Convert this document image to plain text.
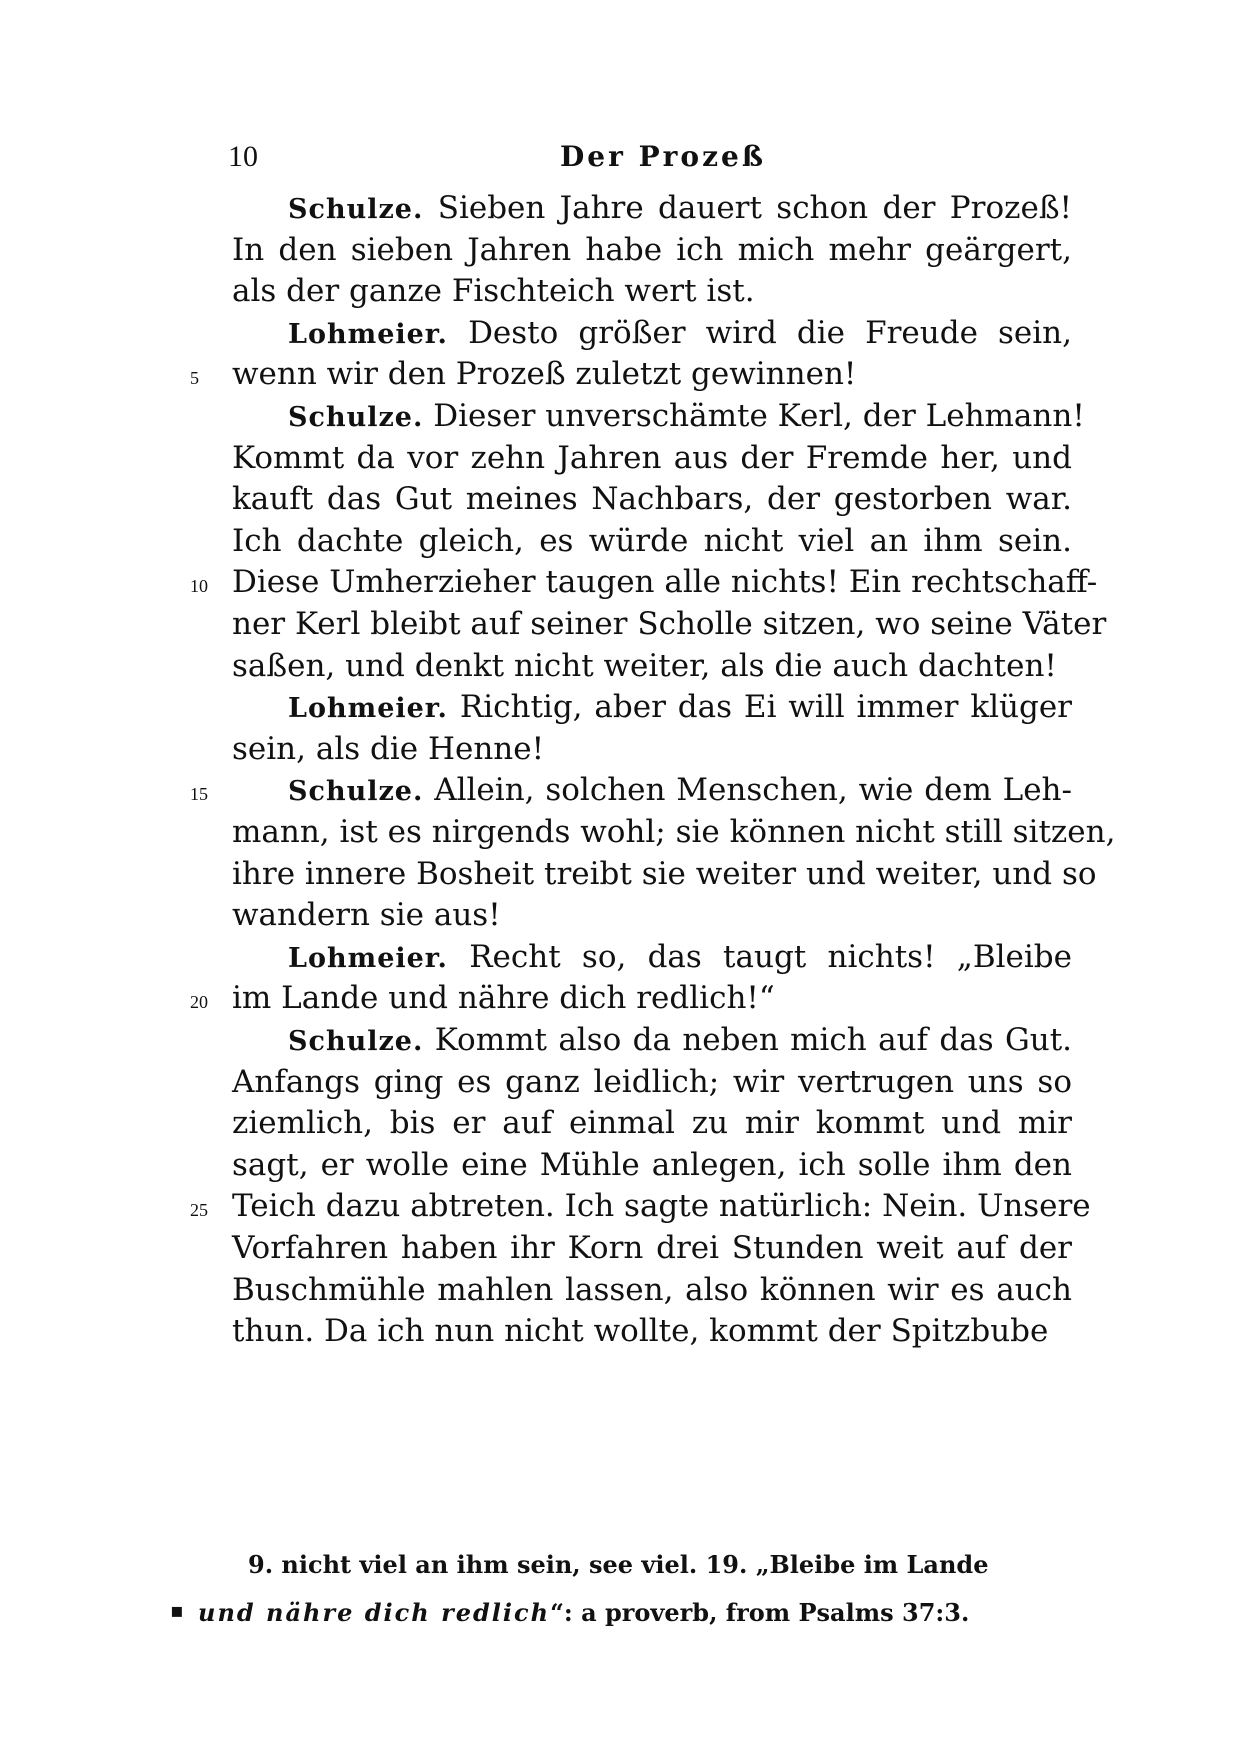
10	Der Prozeß
Schulze. Sieben Jahre dauert schon der Prozeß!
In den sieben Jahren habe ich mich mehr geärgert,
als der ganze Fischteich wert ist.
Lohmeier. Desto größer wird die Freude sein,
wenn wir den Prozeß zuletzt gewinnen!
5
Schulze. Dieser unverschämte Kerl, der Lehmann!
Kommt da vor zehn Jahren aus der Fremde her, und
kauft das Gut meines Nachbars, der gestorben war.
Ich dachte gleich, es würde nicht viel an ihm sein.
Diese Umherzieher taugen alle nichts! Ein rechtschaff-
10
ner Kerl bleibt auf seiner Scholle sitzen, wo seine Väter
saßen, und denkt nicht weiter, als die auch dachten!
Lohmeier. Richtig, aber das Ei will immer klüger
sein, als die Henne!
Schulze. Allein, solchen Menschen, wie dem Leh-
15
mann, ist es nirgends wohl; sie können nicht still sitzen,
ihre innere Bosheit treibt sie weiter und weiter, und so
wandern sie aus!
Lohmeier. Recht so, das taugt nichts! „Bleibe
im Lande und nähre dich redlich!“
20
Schulze. Kommt also da neben mich auf das Gut.
Anfangs ging es ganz leidlich; wir vertrugen uns so
ziemlich, bis er auf einmal zu mir kommt und mir
sagt, er wolle eine Mühle anlegen, ich solle ihm den
Teich dazu abtreten. Ich sagte natürlich: Nein. Unsere
25
Vorfahren haben ihr Korn drei Stunden weit auf der
Buschmühle mahlen lassen, also können wir es auch
thun. Da ich nun nicht wollte, kommt der Spitzbube
9. nicht viel an ihm sein, see viel. 19. „Bleibe im Lande
▪ und nähre dich redlich“: a proverb, from Psalms 37:3.
